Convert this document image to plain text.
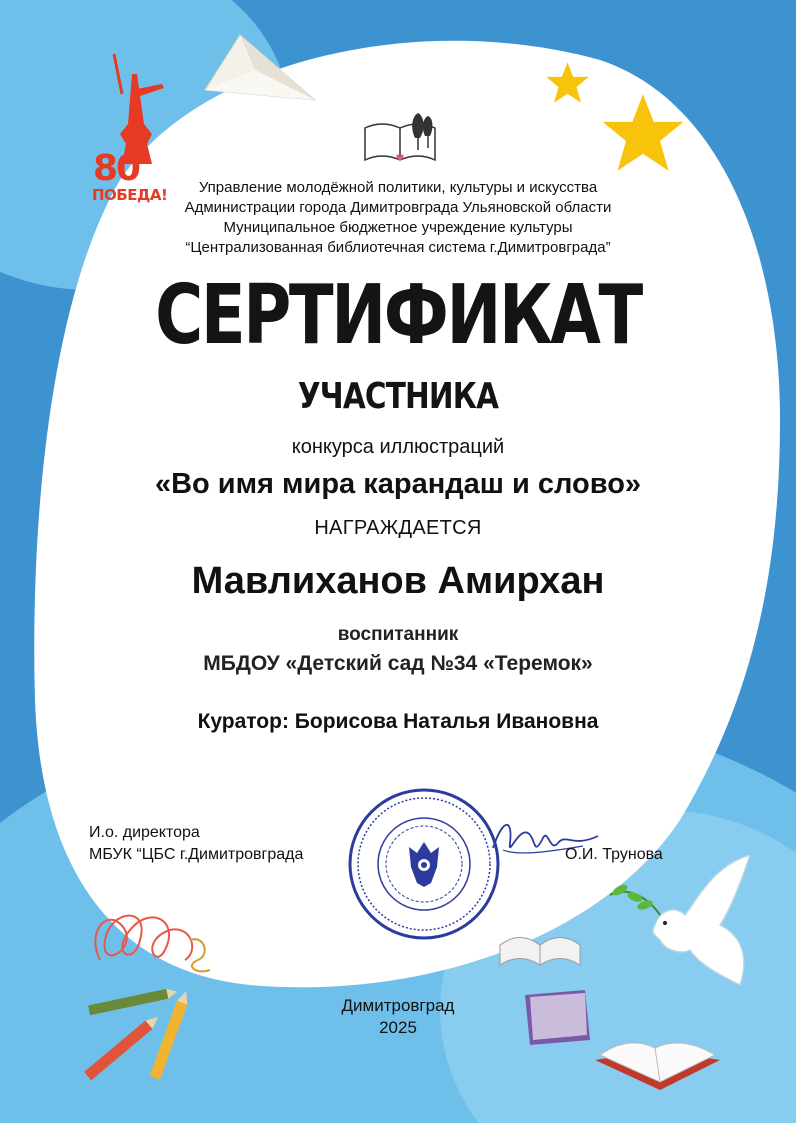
80
ПОБЕДА!	Управление молодёжной политики, культуры и искусства
Администрации города Димитровграда Ульяновской области
Муниципальное бюджетное учреждение культуры
“Централизованная библиотечная система г.Димитровграда”
СЕРТИФИКАТ
УЧАСТНИКА
конкурса иллюстраций
«Во имя мира карандаш и слово»
НАГРАЖДАЕТСЯ
Мавлиханов Амирхан
воспитанник
МБДОУ «Детский сад №34 «Теремок»
Куратор: Борисова Наталья Ивановна
И.о. директора
МБУК “ЦБС г.Димитровграда	О.И. Трунова
Димитровград
2025
